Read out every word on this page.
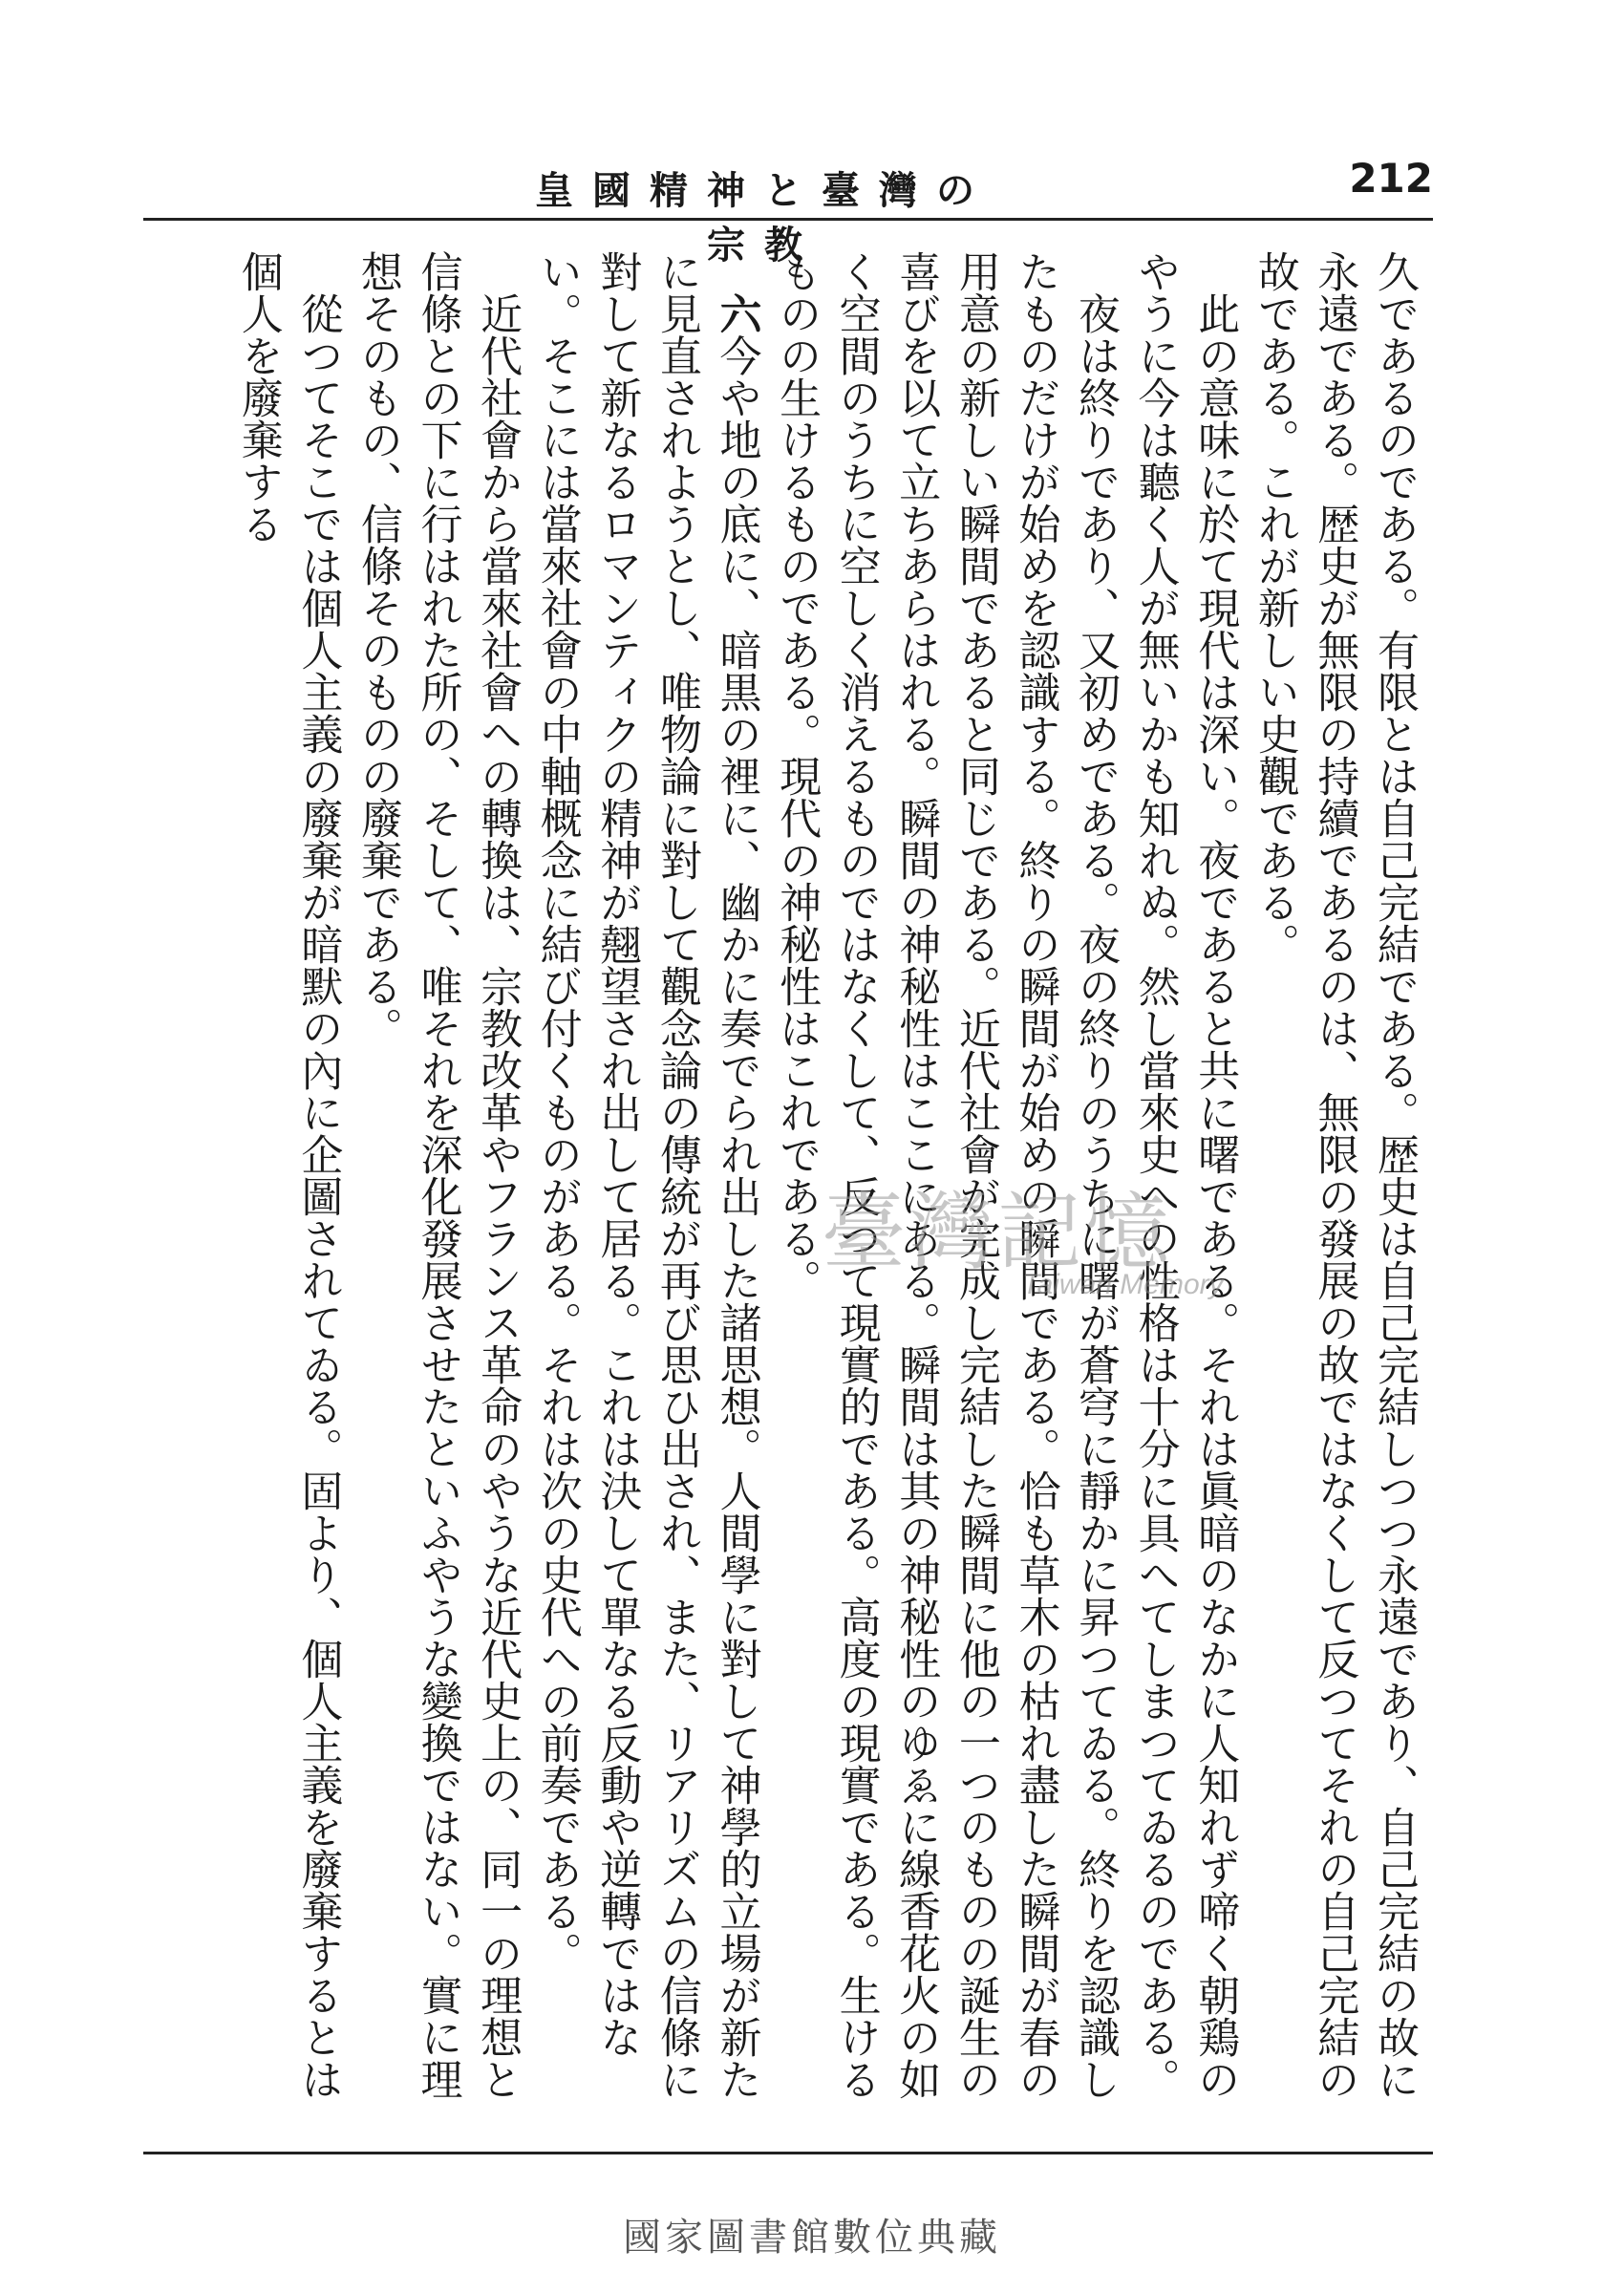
皇國精神と臺灣の宗教
212

久であるのである。有限とは自己完結である。歴史は自己完結しつつ永遠であり、自己完結の故に永遠である。歴史が無限の持續であるのは、無限の發展の故ではなくして反つてそれの自己完結の故である。これが新しい史觀である。

此の意味に於て現代は深い。夜であると共に曙である。それは眞暗のなかに人知れず啼く朝鶏のやうに今は聽く人が無いかも知れぬ。然し當來史への性格は十分に具へてしまつてゐるのである。

夜は終りであり、又初めである。夜の終りのうちに曙が蒼穹に靜かに昇つてゐる。終りを認識したものだけが始めを認識する。終りの瞬間が始めの瞬間である。恰も草木の枯れ盡した瞬間が春の用意の新しい瞬間であると同じである。近代社會が完成し完結した瞬間に他の一つのものの誕生の喜びを以て立ちあらはれる。瞬間の神秘性はここにある。瞬間は其の神秘性のゆゑに線香花火の如く空間のうちに空しく消えるものではなくして、反つて現實的である。高度の現實である。生けるものの生けるものである。現代の神秘性はこれである。

六今や地の底に、暗黒の裡に、幽かに奏でられ出した諸思想。人間學に對して神學的立場が新たに見直されようとし、唯物論に對して觀念論の傳統が再び思ひ出され、また、リアリズムの信條に對して新なるロマンティクの精神が翹望され出して居る。これは決して單なる反動や逆轉ではない。そこには當來社會の中軸概念に結び付くものがある。それは次の史代への前奏である。

近代社會から當來社會への轉換は、宗教改革やフランス革命のやうな近代史上の、同一の理想と信條との下に行はれた所の、そして、唯それを深化發展させたといふやうな變換ではない。實に理想そのもの、信條そのものの廢棄である。

從つてそこでは個人主義の廢棄が暗默の內に企圖されてゐる。固より、個人主義を廢棄するとは個人を廢棄する

臺灣記憶
Taiwan Memory
國家圖書館數位典藏
